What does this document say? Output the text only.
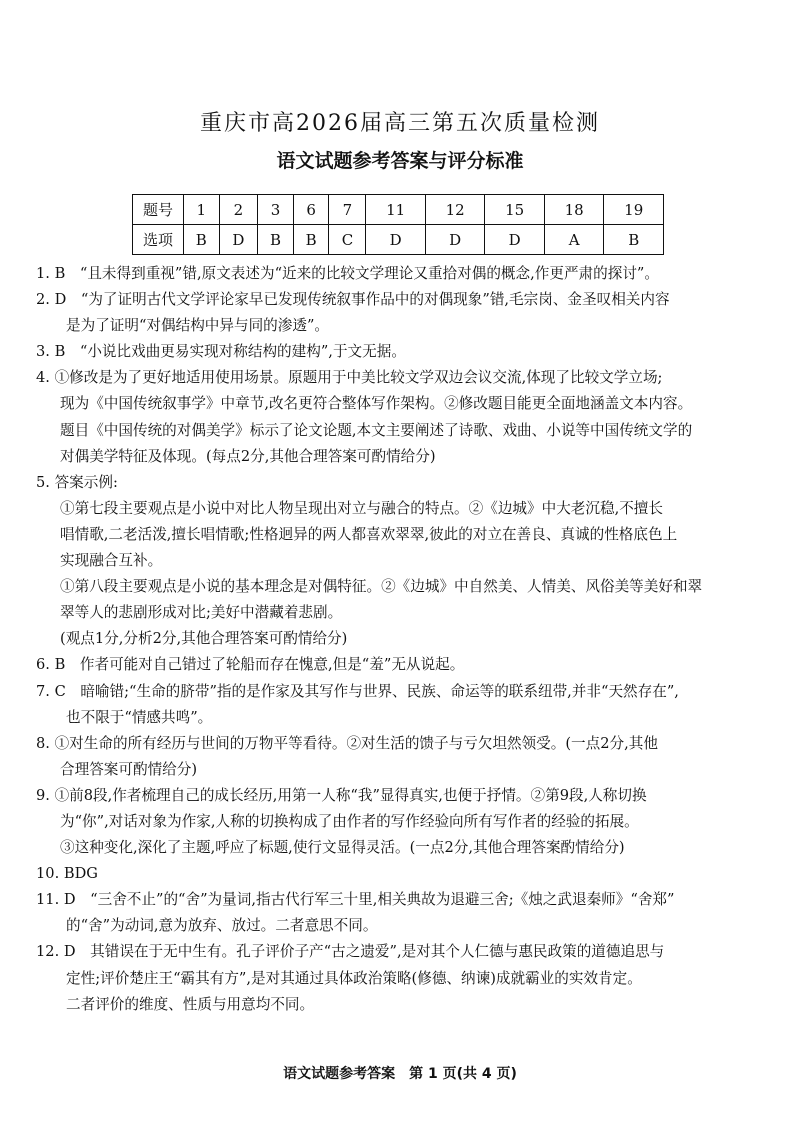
重庆市高2026届高三第五次质量检测
语文试题参考答案与评分标准
题号	1	2	3	6	7	11	12	15	18	19
选项	B	D	B	B	C	D	D	D	A	B

1. B　“且未得到重视”错,原文表述为“近来的比较文学理论又重拾对偶的概念,作更严肃的探讨”。

2. D　“为了证明古代文学评论家早已发现传统叙事作品中的对偶现象”错,毛宗岗、金圣叹相关内容

是为了证明“对偶结构中异与同的渗透”。

3. B　“小说比戏曲更易实现对称结构的建构”,于文无据。

4. ①修改是为了更好地适用使用场景。原题用于中美比较文学双边会议交流,体现了比较文学立场;

现为《中国传统叙事学》中章节,改名更符合整体写作架构。②修改题目能更全面地涵盖文本内容。

题目《中国传统的对偶美学》标示了论文论题,本文主要阐述了诗歌、戏曲、小说等中国传统文学的

对偶美学特征及体现。(每点2分,其他合理答案可酌情给分)

5. 答案示例:

①第七段主要观点是小说中对比人物呈现出对立与融合的特点。②《边城》中大老沉稳,不擅长

唱情歌,二老活泼,擅长唱情歌;性格迥异的两人都喜欢翠翠,彼此的对立在善良、真诚的性格底色上

实现融合互补。

①第八段主要观点是小说的基本理念是对偶特征。②《边城》中自然美、人情美、风俗美等美好和翠

翠等人的悲剧形成对比;美好中潜藏着悲剧。

(观点1分,分析2分,其他合理答案可酌情给分)

6. B　作者可能对自己错过了轮船而存在愧意,但是“羞”无从说起。

7. C　暗喻错;“生命的脐带”指的是作家及其写作与世界、民族、命运等的联系纽带,并非“天然存在”,

也不限于“情感共鸣”。

8. ①对生命的所有经历与世间的万物平等看待。②对生活的馈子与亏欠坦然领受。(一点2分,其他

合理答案可酌情给分)

9. ①前8段,作者梳理自己的成长经历,用第一人称“我”显得真实,也便于抒情。②第9段,人称切换

为“你”,对话对象为作家,人称的切换构成了由作者的写作经验向所有写作者的经验的拓展。

③这种变化,深化了主题,呼应了标题,使行文显得灵活。(一点2分,其他合理答案酌情给分)

10. BDG

11. D　“三舍不止”的“舍”为量词,指古代行军三十里,相关典故为退避三舍;《烛之武退秦师》“舍郑”

的“舍”为动词,意为放弃、放过。二者意思不同。

12. D　其错误在于无中生有。孔子评价子产“古之遗爱”,是对其个人仁德与惠民政策的道德追思与

定性;评价楚庄王“霸其有方”,是对其通过具体政治策略(修德、纳谏)成就霸业的实效肯定。

二者评价的维度、性质与用意均不同。

语文试题参考答案　第 1 页(共 4 页)
